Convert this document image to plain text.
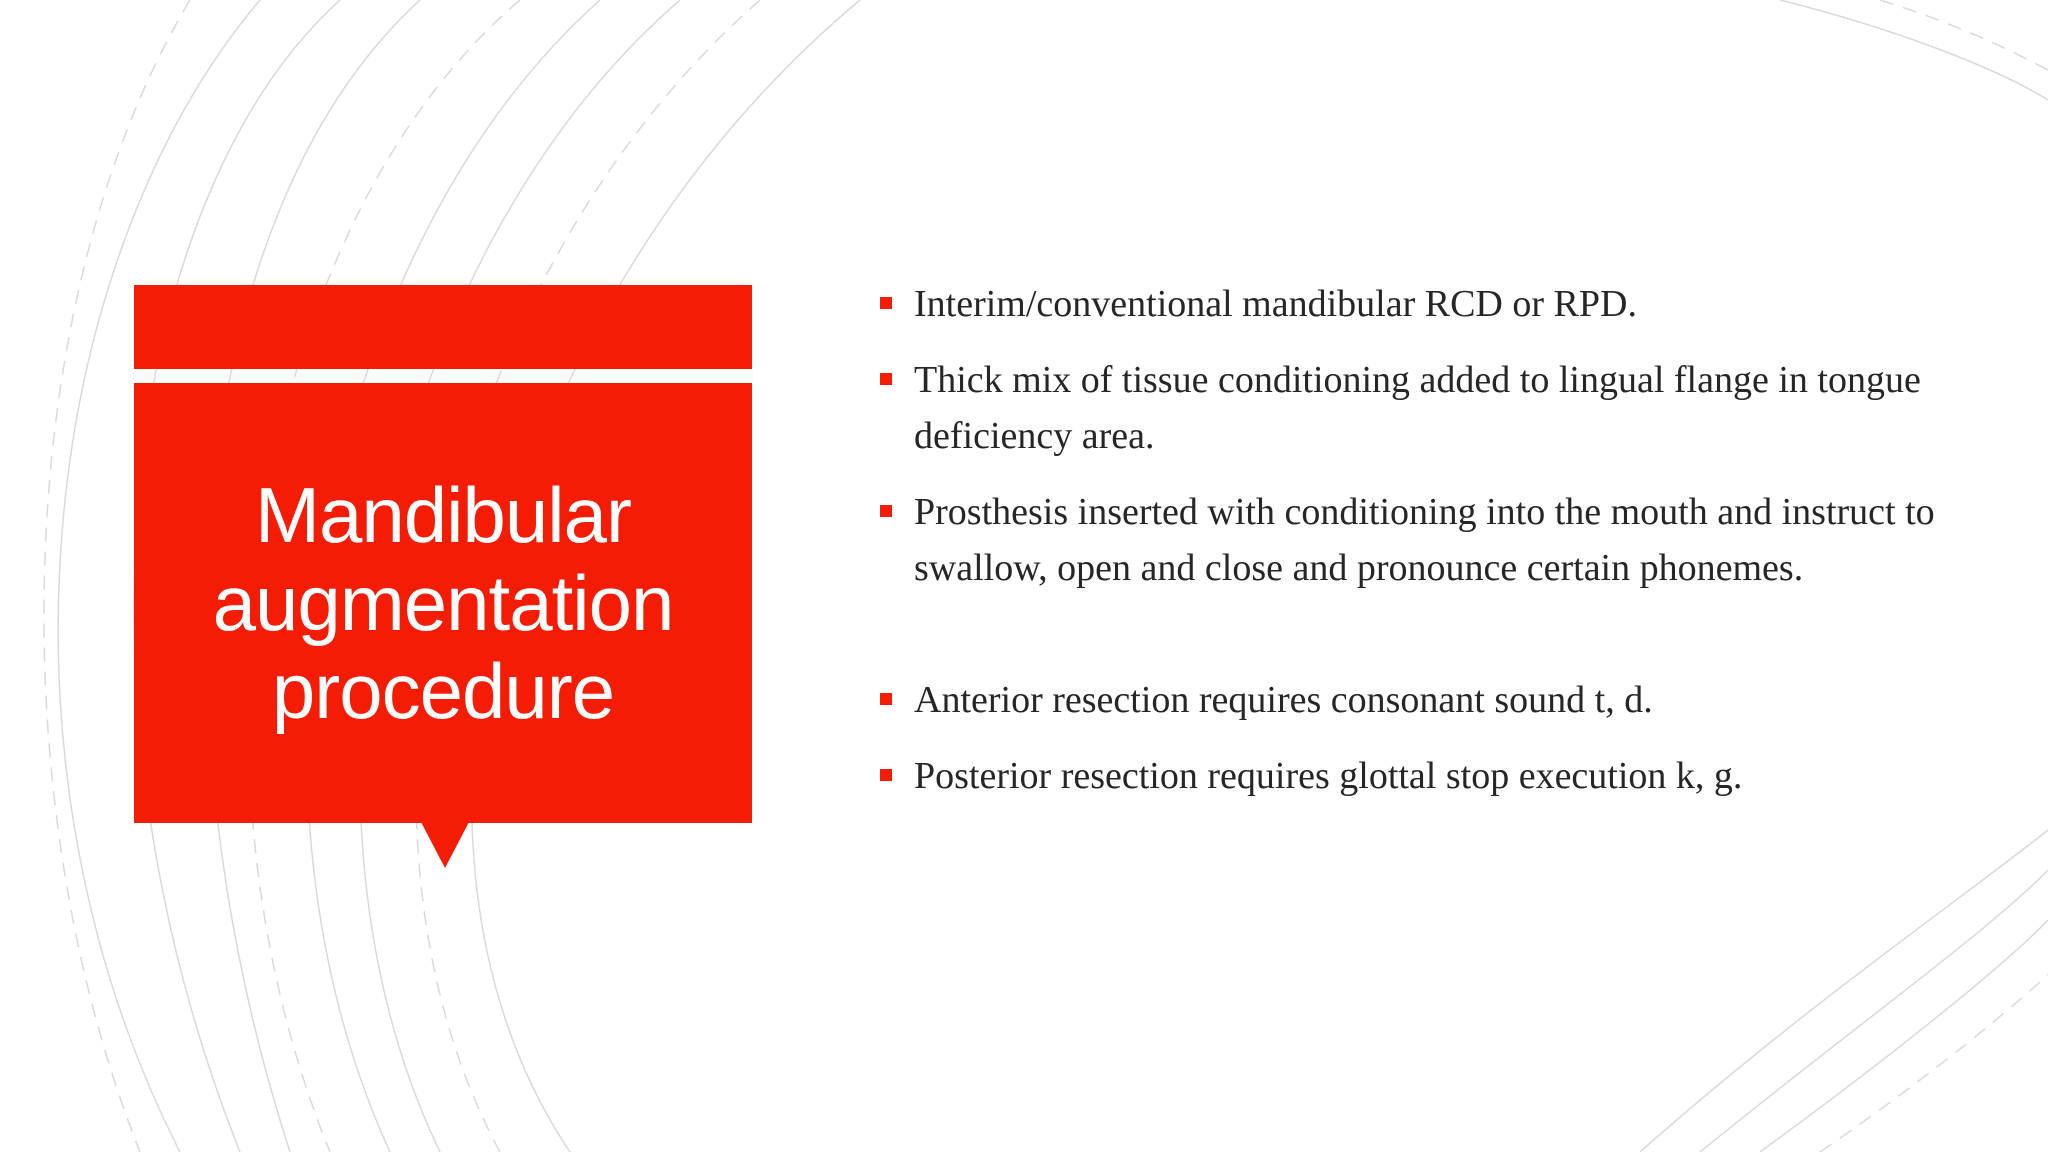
Mandibular augmentation procedure
Interim/conventional mandibular RCD or RPD.
Thick mix of tissue conditioning added to lingual flange in tongue deficiency area.
Prosthesis inserted with conditioning into the mouth and instruct to swallow, open and close and pronounce certain phonemes.
Anterior resection requires consonant sound t, d.
Posterior resection requires glottal stop execution k, g.
